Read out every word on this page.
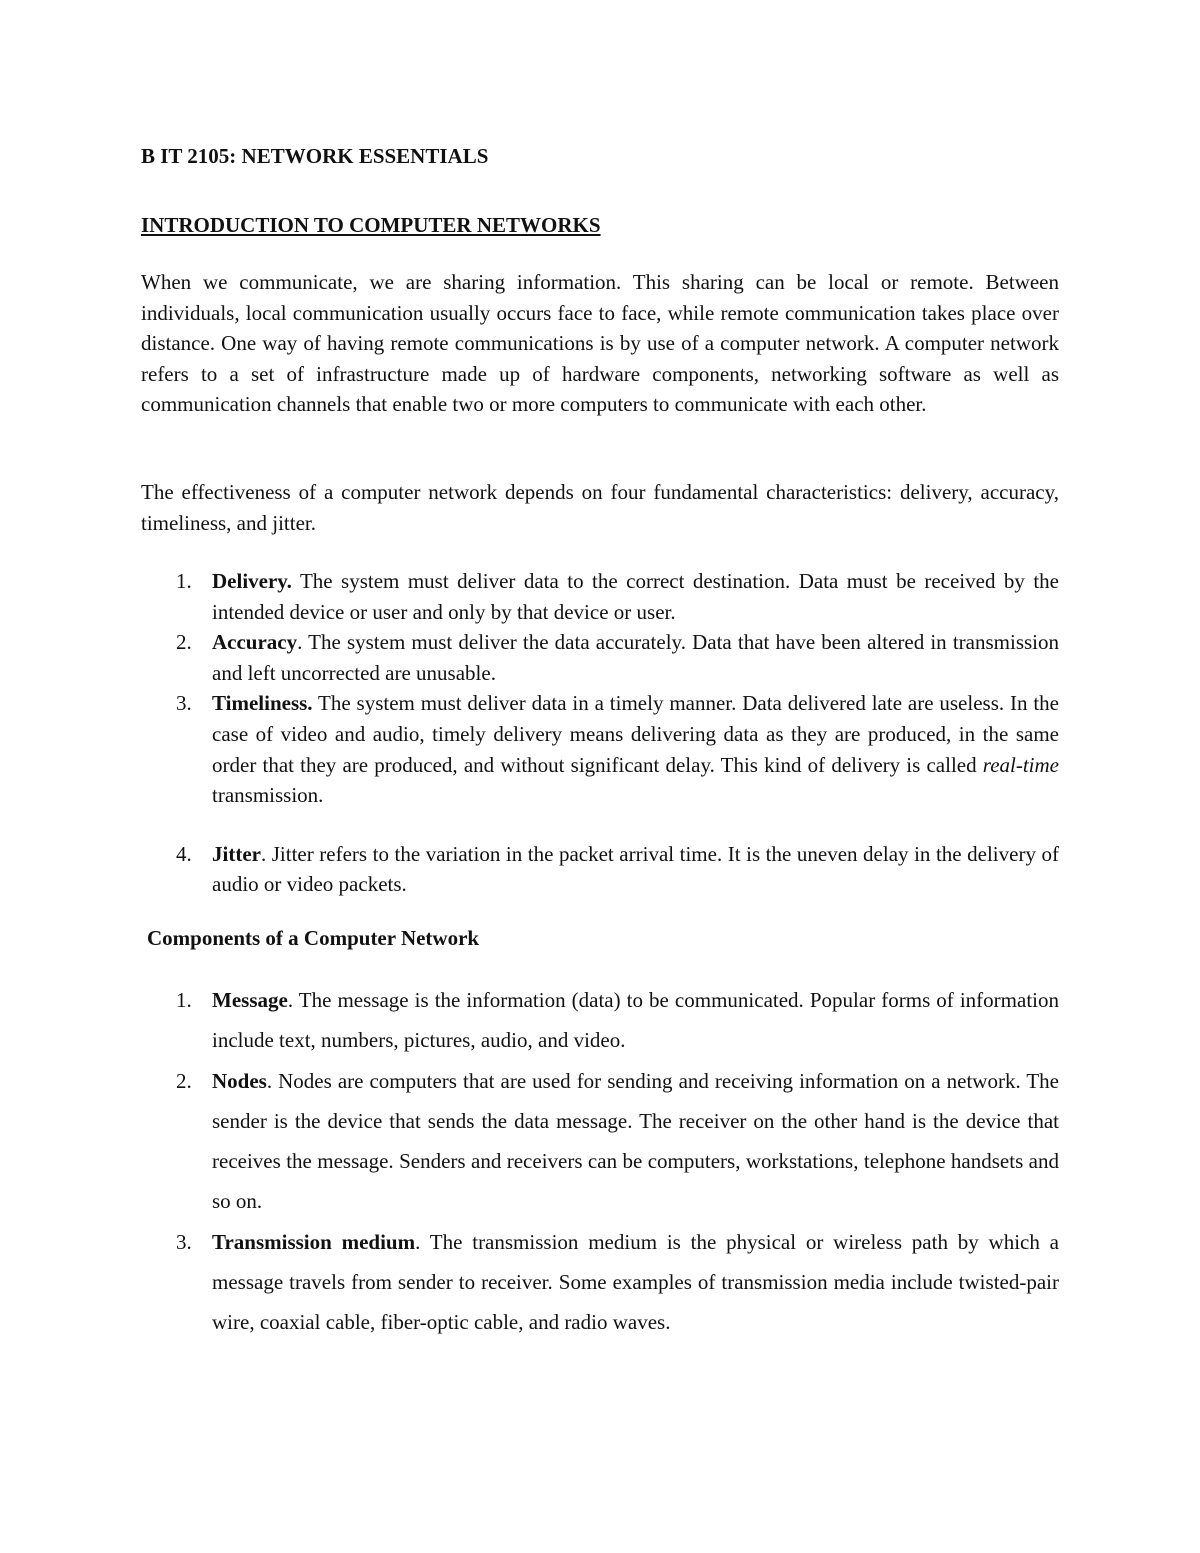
B IT 2105: NETWORK ESSENTIALS
INTRODUCTION TO COMPUTER NETWORKS

When we communicate, we are sharing information. This sharing can be local or remote. Between individuals, local communication usually occurs face to face, while remote communication takes place over distance. One way of having remote communications is by use of a computer network. A computer network refers to a set of infrastructure made up of hardware components, networking software as well as communication channels that enable two or more computers to communicate with each other.

The effectiveness of a computer network depends on four fundamental characteristics: delivery, accuracy, timeliness, and jitter.

1. Delivery. The system must deliver data to the correct destination. Data must be received by the intended device or user and only by that device or user.
2. Accuracy. The system must deliver the data accurately. Data that have been altered in transmission and left uncorrected are unusable.
3. Timeliness. The system must deliver data in a timely manner. Data delivered late are useless. In the case of video and audio, timely delivery means delivering data as they are produced, in the same order that they are produced, and without significant delay. This kind of delivery is called real-time transmission.
4. Jitter. Jitter refers to the variation in the packet arrival time. It is the uneven delay in the delivery of audio or video packets.
Components of a Computer Network
1. Message. The message is the information (data) to be communicated. Popular forms of information include text, numbers, pictures, audio, and video.
2. Nodes. Nodes are computers that are used for sending and receiving information on a network. The sender is the device that sends the data message. The receiver on the other hand is the device that receives the message. Senders and receivers can be computers, workstations, telephone handsets and so on.
3. Transmission medium. The transmission medium is the physical or wireless path by which a message travels from sender to receiver. Some examples of transmission media include twisted-pair wire, coaxial cable, fiber-optic cable, and radio waves.
